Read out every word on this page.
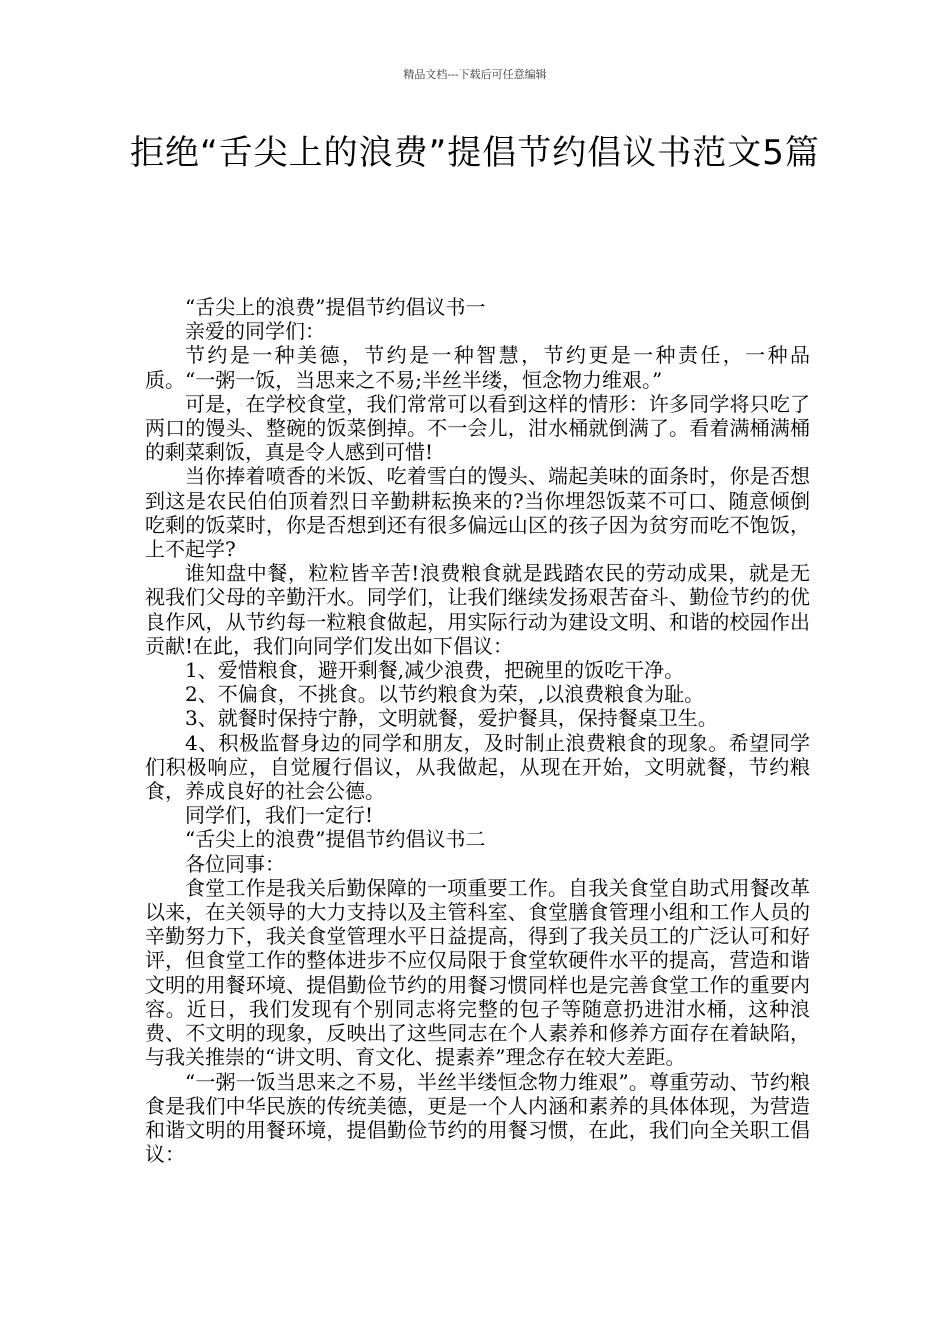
精品文档---下载后可任意编辑
拒绝“舌尖上的浪费”提倡节约倡议书范文5篇

“舌尖上的浪费”提倡节约倡议书一

亲爱的同学们：

节约是一种美德，节约是一种智慧，节约更是一种责任，一种品质。“一粥一饭，当思来之不易;半丝半缕，恒念物力维艰。”

可是，在学校食堂，我们常常可以看到这样的情形：许多同学将只吃了两口的馒头、整碗的饭菜倒掉。不一会儿，泔水桶就倒满了。看着满桶满桶的剩菜剩饭，真是令人感到可惜!

当你捧着喷香的米饭、吃着雪白的馒头、端起美味的面条时，你是否想到这是农民伯伯顶着烈日辛勤耕耘换来的?当你埋怨饭菜不可口、随意倾倒吃剩的饭菜时，你是否想到还有很多偏远山区的孩子因为贫穷而吃不饱饭，上不起学?

谁知盘中餐，粒粒皆辛苦!浪费粮食就是践踏农民的劳动成果，就是无视我们父母的辛勤汗水。同学们，让我们继续发扬艰苦奋斗、勤俭节约的优良作风，从节约每一粒粮食做起，用实际行动为建设文明、和谐的校园作出贡献!在此，我们向同学们发出如下倡议：

1、爱惜粮食，避开剩餐,减少浪费，把碗里的饭吃干净。

2、不偏食，不挑食。以节约粮食为荣，,以浪费粮食为耻。

3、就餐时保持宁静，文明就餐，爱护餐具，保持餐桌卫生。

4、积极监督身边的同学和朋友，及时制止浪费粮食的现象。希望同学们积极响应，自觉履行倡议，从我做起，从现在开始，文明就餐，节约粮食，养成良好的社会公德。

同学们，我们一定行!

“舌尖上的浪费”提倡节约倡议书二

各位同事：

食堂工作是我关后勤保障的一项重要工作。自我关食堂自助式用餐改革以来，在关领导的大力支持以及主管科室、食堂膳食管理小组和工作人员的辛勤努力下，我关食堂管理水平日益提高，得到了我关员工的广泛认可和好评，但食堂工作的整体进步不应仅局限于食堂软硬件水平的提高，营造和谐文明的用餐环境、提倡勤俭节约的用餐习惯同样也是完善食堂工作的重要内容。近日，我们发现有个别同志将完整的包子等随意扔进泔水桶，这种浪费、不文明的现象，反映出了这些同志在个人素养和修养方面存在着缺陷，与我关推崇的“讲文明、育文化、提素养”理念存在较大差距。

“一粥一饭当思来之不易，半丝半缕恒念物力维艰”。尊重劳动、节约粮食是我们中华民族的传统美德，更是一个人内涵和素养的具体体现，为营造和谐文明的用餐环境，提倡勤俭节约的用餐习惯，在此，我们向全关职工倡议：
